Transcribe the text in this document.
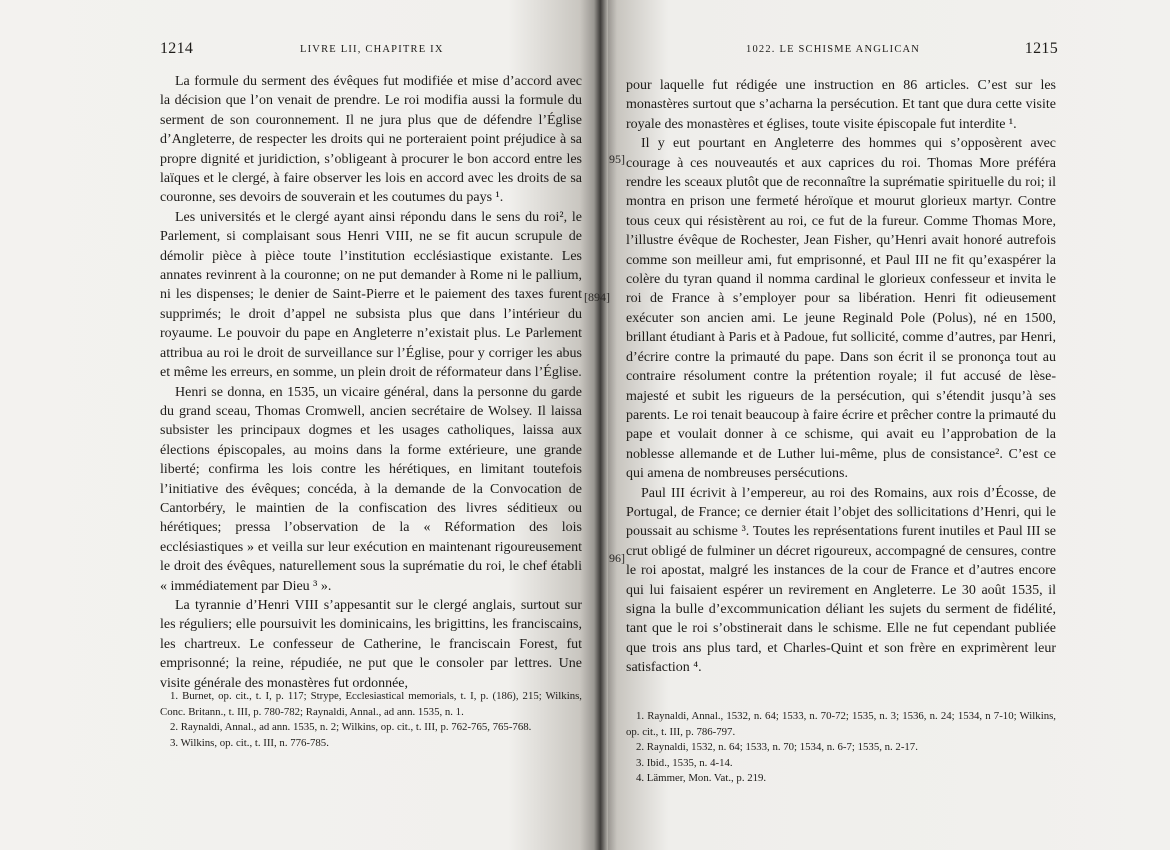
1214	LIVRE LII, CHAPITRE IX	1022. LE SCHISME ANGLICAN	1215

La formule du serment des évêques fut modifiée et mise d’accord avec la décision que l’on venait de prendre. Le roi modifia aussi la formule du serment de son couronnement. Il ne jura plus que de défendre l’Église d’Angleterre, de respecter les droits qui ne porteraient point préjudice à sa propre dignité et juridiction, s’obligeant à procurer le bon accord entre les laïques et le clergé, à faire observer les lois en accord avec les droits de sa couronne, ses devoirs de souverain et les coutumes du pays ¹.

Les universités et le clergé ayant ainsi répondu dans le sens du roi², le Parlement, si complaisant sous Henri VIII, ne se fit aucun scrupule de démolir pièce à pièce toute l’institution ecclésiastique existante. Les annates revinrent à la couronne; on ne put demander à Rome ni le pallium, ni les dispenses; le denier de Saint-Pierre et le paiement des taxes furent supprimés; le droit d’appel ne subsista plus que dans l’intérieur du royaume. Le pouvoir du pape en Angleterre n’existait plus. Le Parlement attribua au roi le droit de surveillance sur l’Église, pour y corriger les abus et même les erreurs, en somme, un plein droit de réformateur dans l’Église.

Henri se donna, en 1535, un vicaire général, dans la personne du garde du grand sceau, Thomas Cromwell, ancien secrétaire de Wolsey. Il laissa subsister les principaux dogmes et les usages catholiques, laissa aux élections épiscopales, au moins dans la forme extérieure, une grande liberté; confirma les lois contre les hérétiques, en limitant toutefois l’initiative des évêques; concéda, à la demande de la Convocation de Cantorbéry, le maintien de la confiscation des livres séditieux ou hérétiques; pressa l’observation de la « Réformation des lois ecclésiastiques » et veilla sur leur exécution en maintenant rigoureusement le droit des évêques, naturellement sous la suprématie du roi, le chef établi « immédiatement par Dieu ³ ».

La tyrannie d’Henri VIII s’appesantit sur le clergé anglais, surtout sur les réguliers; elle poursuivit les dominicains, les brigittins, les franciscains, les chartreux. Le confesseur de Catherine, le franciscain Forest, fut emprisonné; la reine, répudiée, ne put que le consoler par lettres. Une visite générale des monastères fut ordonnée,

1. Burnet, op. cit., t. I, p. 117; Strype, Ecclesiastical memorials, t. I, p. (186), 215; Wilkins, Conc. Britann., t. III, p. 780-782; Raynaldi, Annal., ad ann. 1535, n. 1.

2. Raynaldi, Annal., ad ann. 1535, n. 2; Wilkins, op. cit., t. III, p. 762-765, 765-768.

3. Wilkins, op. cit., t. III, n. 776-785.

pour laquelle fut rédigée une instruction en 86 articles. C’est sur les monastères surtout que s’acharna la persécution. Et tant que dura cette visite royale des monastères et églises, toute visite épiscopale fut interdite ¹.

Il y eut pourtant en Angleterre des hommes qui s’opposèrent avec courage à ces nouveautés et aux caprices du roi. Thomas More préféra rendre les sceaux plutôt que de reconnaître la suprématie spirituelle du roi; il montra en prison une fermeté héroïque et mourut glorieux martyr. Contre tous ceux qui résistèrent au roi, ce fut de la fureur. Comme Thomas More, l’illustre évêque de Rochester, Jean Fisher, qu’Henri avait honoré autrefois comme son meilleur ami, fut emprisonné, et Paul III ne fit qu’exaspérer la colère du tyran quand il nomma cardinal le glorieux confesseur et invita le roi de France à s’employer pour sa libération. Henri fit odieusement exécuter son ancien ami. Le jeune Reginald Pole (Polus), né en 1500, brillant étudiant à Paris et à Padoue, fut sollicité, comme d’autres, par Henri, d’écrire contre la primauté du pape. Dans son écrit il se prononça tout au contraire résolument contre la prétention royale; il fut accusé de lèse-majesté et subit les rigueurs de la persécution, qui s’étendit jusqu’à ses parents. Le roi tenait beaucoup à faire écrire et prêcher contre la primauté du pape et voulait donner à ce schisme, qui avait eu l’approbation de la noblesse allemande et de Luther lui-même, plus de consistance². C’est ce qui amena de nombreuses persécutions.

Paul III écrivit à l’empereur, au roi des Romains, aux rois d’Écosse, de Portugal, de France; ce dernier était l’objet des sollicitations d’Henri, qui le poussait au schisme ³. Toutes les représentations furent inutiles et Paul III se crut obligé de fulminer un décret rigoureux, accompagné de censures, contre le roi apostat, malgré les instances de la cour de France et d’autres encore qui lui faisaient espérer un revirement en Angleterre. Le 30 août 1535, il signa la bulle d’excommunication déliant les sujets du serment de fidélité, tant que le roi s’obstinerait dans le schisme. Elle ne fut cependant publiée que trois ans plus tard, et Charles-Quint et son frère en exprimèrent leur satisfaction ⁴.

1. Raynaldi, Annal., 1532, n. 64; 1533, n. 70-72; 1535, n. 3; 1536, n. 24; 1534, n 7-10; Wilkins, op. cit., t. III, p. 786-797.

2. Raynaldi, 1532, n. 64; 1533, n. 70; 1534, n. 6-7; 1535, n. 2-17.

3. Ibid., 1535, n. 4-14.

4. Lämmer, Mon. Vat., p. 219.

95]
[894]
96]
